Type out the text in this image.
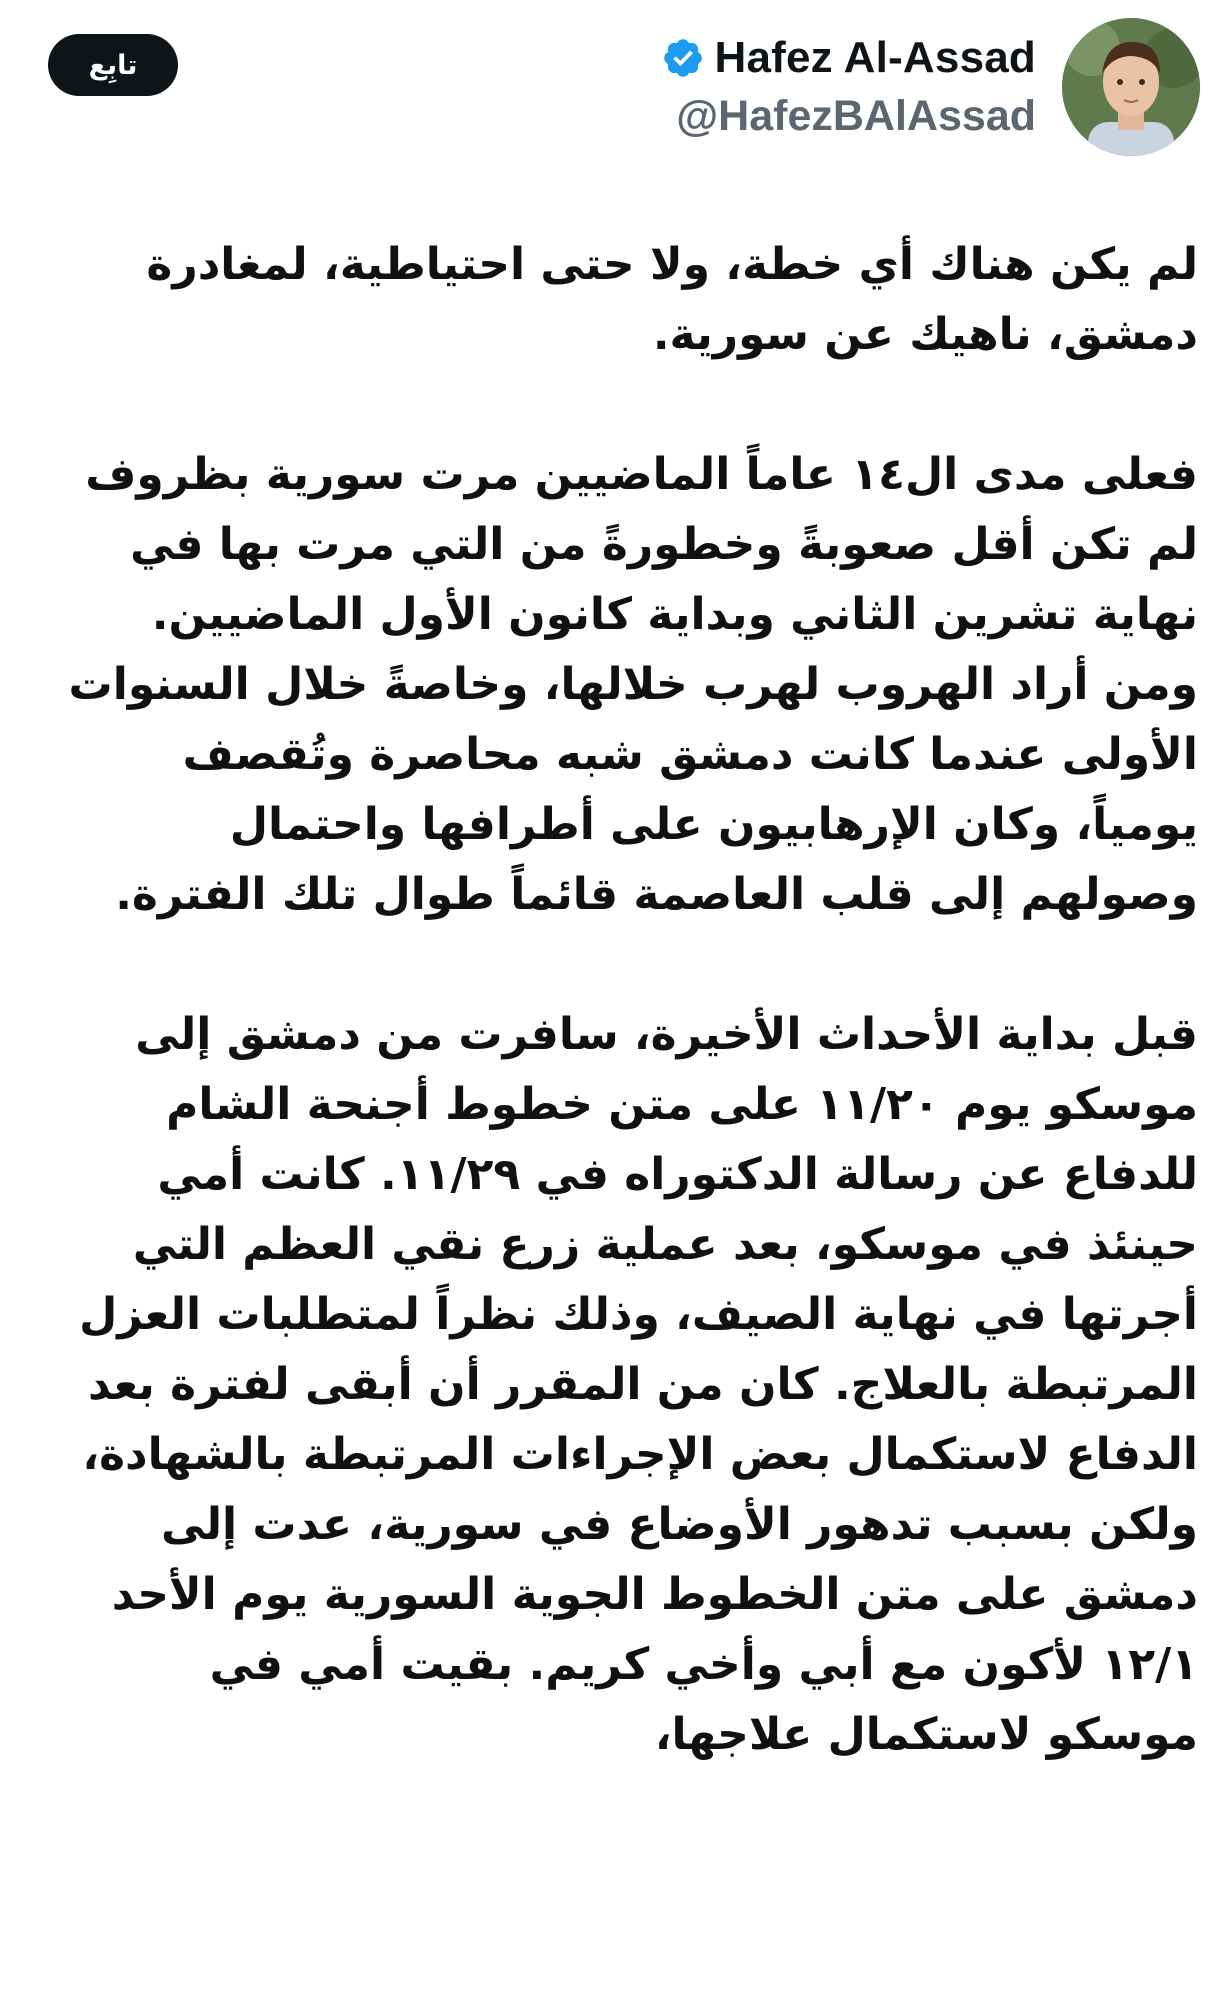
تابِع	Hafez Al-Assad
@HafezBAlAssad

لم يكن هناك أي خطة، ولا حتى احتياطية، لمغادرة دمشق، ناهيك عن سورية.

فعلى مدى ال١٤ عاماً الماضيين مرت سورية بظروف لم تكن أقل صعوبةً وخطورةً من التي مرت بها في نهاية تشرين الثاني وبداية كانون الأول الماضيين.

ومن أراد الهروب لهرب خلالها، وخاصةً خلال السنوات الأولى عندما كانت دمشق شبه محاصرة وتُقصف يومياً، وكان الإرهابيون على أطرافها واحتمال وصولهم إلى قلب العاصمة قائماً طوال تلك الفترة.

قبل بداية الأحداث الأخيرة، سافرت من دمشق إلى موسكو يوم ١١/٢٠ على متن خطوط أجنحة الشام للدفاع عن رسالة الدكتوراه في ١١/٢٩. كانت أمي حينئذ في موسكو، بعد عملية زرع نقي العظم التي أجرتها في نهاية الصيف، وذلك نظراً لمتطلبات العزل المرتبطة بالعلاج. كان من المقرر أن أبقى لفترة بعد الدفاع لاستكمال بعض الإجراءات المرتبطة بالشهادة، ولكن بسبب تدهور الأوضاع في سورية، عدت إلى دمشق على متن الخطوط الجوية السورية يوم الأحد ١٢/١ لأكون مع أبي وأخي كريم. بقيت أمي في موسكو لاستكمال علاجها،
